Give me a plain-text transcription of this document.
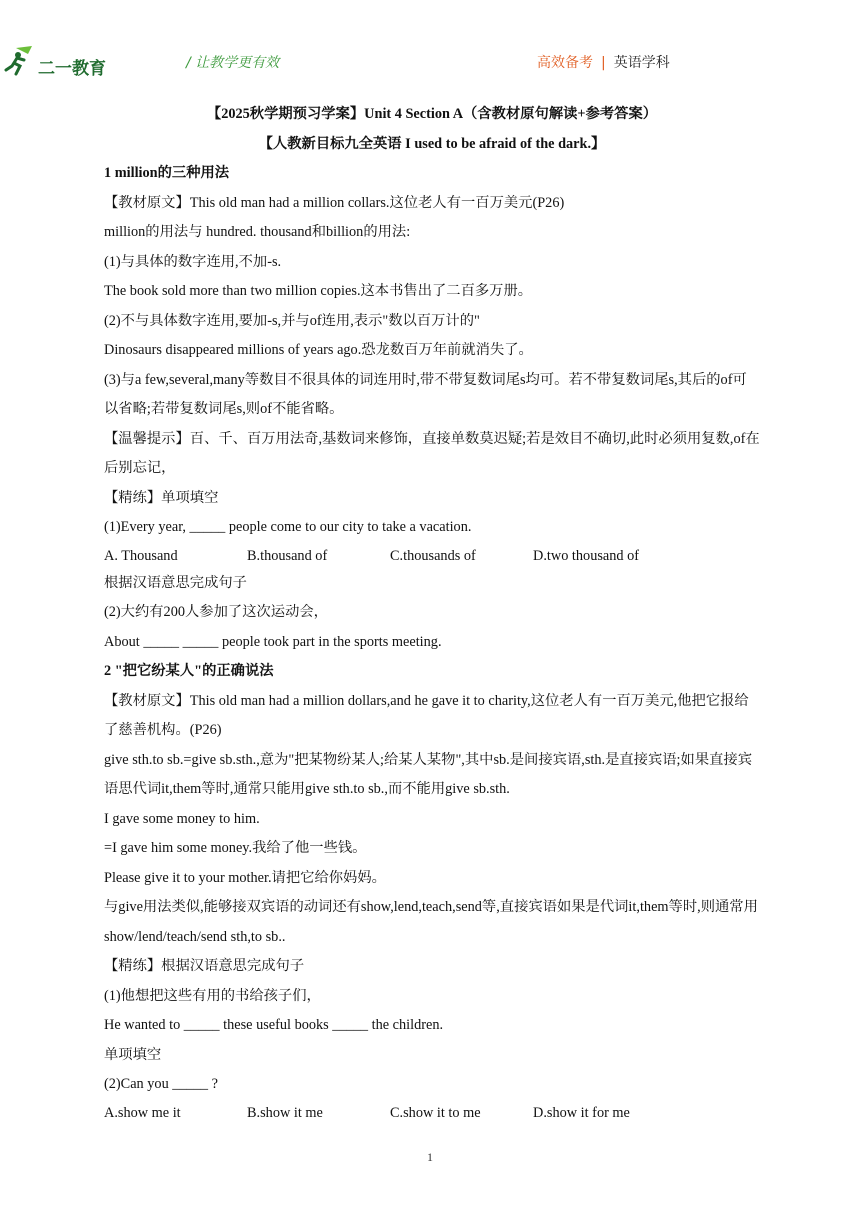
二一教育	/ 让教学更有效	高效备考 | 英语学科
【2025秋学期预习学案】Unit 4 Section A（含教材原句解读+参考答案）
【人教新目标九全英语 I used to be afraid of the dark.】
1 million的三种用法
【教材原文】This old man had a million collars.这位老人有一百万美元(P26)
million的用法与 hundred. thousand和billion的用法:
(1)与具体的数字连用,不加-s.
The book sold more than two million copies.这本书售出了二百多万册。
(2)不与具体数字连用,要加-s,并与of连用,表示"数以百万计的"
Dinosaurs disappeared millions of years ago.恐龙数百万年前就消失了。
(3)与a few,several,many等数目不很具体的词连用时,带不带复数词尾s均可。若不带复数词尾s,其后的of可以省略;若带复数词尾s,则of不能省略。
【温馨提示】百、千、百万用法奇,基数词来修饰，直接单数莫迟疑;若是效目不确切,此时必须用复数,of在后别忘记，
【精练】单项填空
(1)Every year, _____ people come to our city to take a vacation.
A. Thousand	B.thousand of	C.thousands of	D.two thousand of
根据汉语意思完成句子
(2)大约有200人参加了这次运动会，
About _____ _____ people took part in the sports meeting.
2 "把它纷某人"的正确说法
【教材原文】This old man had a million dollars,and he gave it to charity,这位老人有一百万美元,他把它报给了慈善机构。(P26)
give sth.to sb.=give sb.sth.,意为"把某物纷某人;给某人某物",其中sb.是间接宾语,sth.是直接宾语;如果直接宾语思代词it,them等时,通常只能用give sth.to sb.,而不能用give sb.sth.
I gave some money to him.
=I gave him some money.我给了他一些钱。
Please give it to your mother.请把它给你妈妈。
与give用法类似,能够接双宾语的动词还有show,lend,teach,send等,直接宾语如果是代词it,them等时,则通常用show/lend/teach/send sth,to sb..
【精练】根据汉语意思完成句子
(1)他想把这些有用的书给孩子们，
He wanted to _____ these useful books _____ the children.
单项填空
(2)Can you _____ ?
A.show me it	B.show it me	C.show it to me	D.show it for me
1
